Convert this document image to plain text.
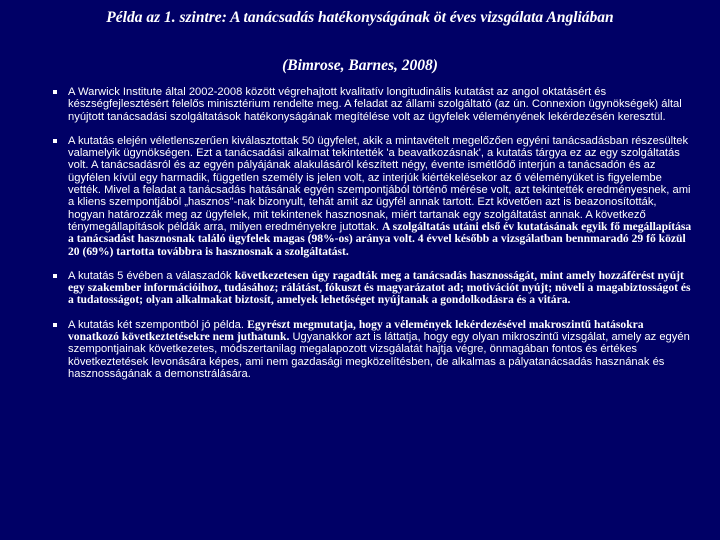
Példa az 1. szintre: A tanácsadás hatékonyságának öt éves vizsgálata Angliában
(Bimrose, Barnes, 2008)

A Warwick Institute által 2002-2008 között végrehajtott kvalitatív longitudinális kutatást az angol oktatásért és készségfejlesztésért felelős minisztérium rendelte meg. A feladat az állami szolgáltató (az ún. Connexion ügynökségek) által nyújtott tanácsadási szolgáltatások hatékonyságának megítélése volt az ügyfelek véleményének lekérdezésén keresztül.

A kutatás elején véletlenszerűen kiválasztottak 50 ügyfelet, akik a mintavételt megelőzően egyéni tanácsadásban részesültek valamelyik ügynökségen. Ezt a tanácsadási alkalmat tekintették 'a beavatkozásnak', a kutatás tárgya ez az egy szolgáltatás volt. A tanácsadásról és az egyén pályájának alakulásáról készített négy, évente ismétlődő interjún a tanácsadón és az ügyfélen kívül egy harmadik, független személy is jelen volt, az interjúk kiértékelésekor az ő véleményüket is figyelembe vették. Mivel a feladat a tanácsadás hatásának egyén szempontjából történő mérése volt, azt tekintették eredményesnek, ami a kliens szempontjából „hasznos"-nak bizonyult, tehát amit az ügyfél annak tartott. Ezt követően azt is beazonosították, hogyan határozzák meg az ügyfelek, mit tekintenek hasznosnak, miért tartanak egy szolgáltatást annak. A következő ténymegállapítások példák arra, milyen eredményekre jutottak. A szolgáltatás utáni első év kutatásának egyik fő megállapítása a tanácsadást hasznosnak találó ügyfelek magas (98%-os) aránya volt. 4 évvel később a vizsgálatban bennmaradó 29 fő közül 20 (69%) tartotta továbbra is hasznosnak a szolgáltatást.

A kutatás 5 évében a válaszadók következetesen úgy ragadták meg a tanácsadás hasznosságát, mint amely hozzáférést nyújt egy szakember információihoz, tudásához; rálátást, fókuszt és magyarázatot ad; motivációt nyújt; növeli a magabiztosságot és a tudatosságot; olyan alkalmakat biztosít, amelyek lehetőséget nyújtanak a gondolkodásra és a vitára.

A kutatás két szempontból jó példa. Egyrészt megmutatja, hogy a vélemények lekérdezésével makroszintű hatásokra vonatkozó következtetésekre nem juthatunk. Ugyanakkor azt is láttatja, hogy egy olyan mikroszintű vizsgálat, amely az egyén szempontjainak következetes, módszertanilag megalapozott vizsgálatát hajtja végre, önmagában fontos és értékes következtetések levonására képes, ami nem gazdasági megközelítésben, de alkalmas a pályatanácsadás hasznának és hasznosságának a demonstrálására.
